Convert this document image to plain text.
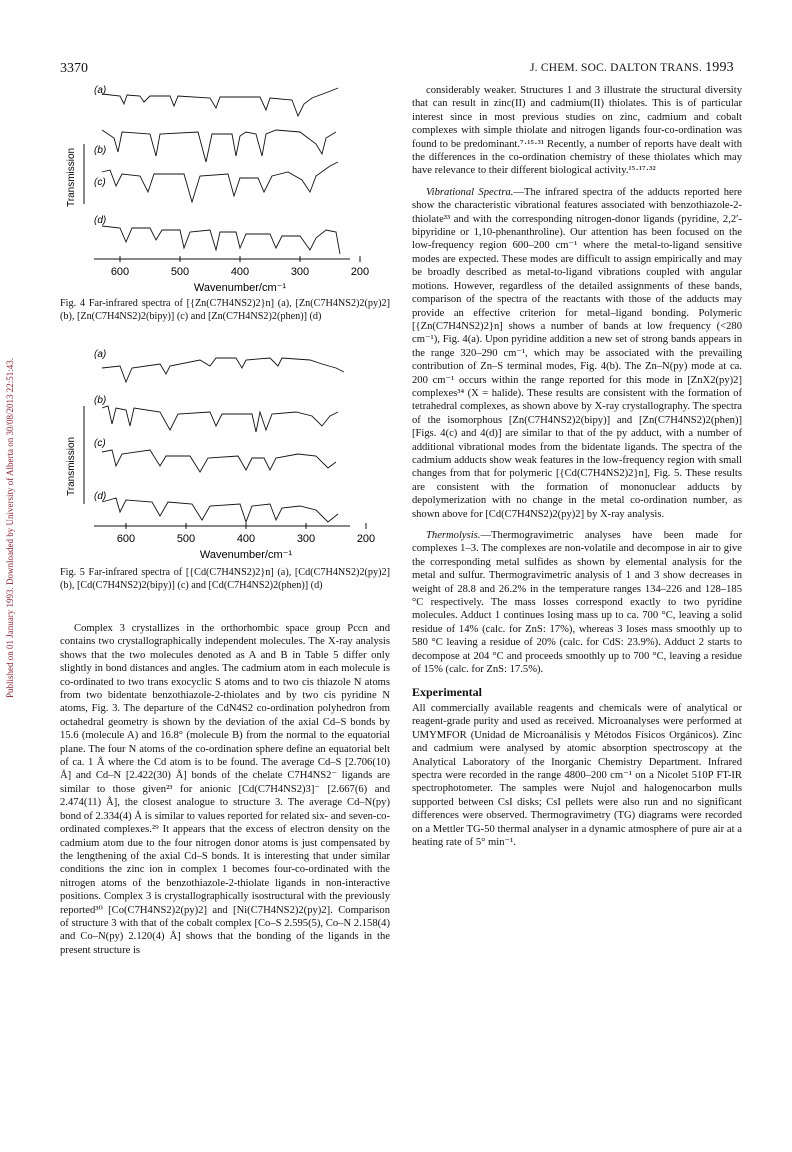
Published on 01 January 1993. Downloaded by University of Alberta on 30/08/2013 22:51:43.
3370	J. CHEM. SOC. DALTON TRANS. 1993
(a)
(b)
(c)
(d)
Transmission
600	500	400	300	200
Wavenumber/cm⁻¹

Fig. 4 Far-infrared spectra of [{Zn(C7H4NS2)2}n] (a), [Zn(C7H4NS2)2(py)2] (b), [Zn(C7H4NS2)2(bipy)] (c) and [Zn(C7H4NS2)2(phen)] (d)

(a)
(b)
(c)
(d)
Transmission
600	500	400	300	200
Wavenumber/cm⁻¹

Fig. 5 Far-infrared spectra of [{Cd(C7H4NS2)2}n] (a), [Cd(C7H4NS2)2(py)2] (b), [Cd(C7H4NS2)2(bipy)] (c) and [Cd(C7H4NS2)2(phen)] (d)

Complex 3 crystallizes in the orthorhombic space group Pccn and contains two crystallographically independent molecules. The X-ray analysis shows that the two molecules denoted as A and B in Table 5 differ only slightly in bond distances and angles. The cadmium atom in each molecule is co-ordinated to two trans exocyclic S atoms and to two cis thiazole N atoms from two bidentate benzothiazole-2-thiolates and by two cis pyridine N atoms, Fig. 3. The departure of the CdN4S2 co-ordination polyhedron from octahedral geometry is shown by the deviation of the axial Cd–S bonds by 15.6 (molecule A) and 16.8° (molecule B) from the normal to the equatorial plane. The four N atoms of the co-ordination sphere define an equatorial belt of ca. 1 Å where the Cd atom is to be found. The average Cd–S [2.706(10) Å] and Cd–N [2.422(30) Å] bonds of the chelate C7H4NS2⁻ ligands are similar to those given²³ for anionic [Cd(C7H4NS2)3]⁻ [2.667(6) and 2.474(11) Å], the closest analogue to structure 3. The average Cd–N(py) bond of 2.334(4) Å is similar to values reported for related six- and seven-co-ordinated complexes.²⁹ It appears that the excess of electron density on the cadmium atom due to the four nitrogen donor atoms is just compensated by the lengthening of the axial Cd–S bonds. It is interesting that under similar conditions the zinc ion in complex 1 becomes four-co-ordinated with the nitrogen atoms of the benzothiazole-2-thiolate ligands in non-interactive positions. Complex 3 is crystallographically isostructural with the previously reported³⁰ [Co(C7H4NS2)2(py)2] and [Ni(C7H4NS2)2(py)2]. Comparison of structure 3 with that of the cobalt complex [Co–S 2.595(5), Co–N 2.158(4) and Co–N(py) 2.120(4) Å] shows that the bonding of the ligands in the present structure is

considerably weaker. Structures 1 and 3 illustrate the structural diversity that can result in zinc(II) and cadmium(II) thiolates. This is of particular interest since in most previous studies on zinc, cadmium and cobalt complexes with simple thiolate and nitrogen ligands four-co-ordination was found to be predominant.⁷·¹⁵·³¹ Recently, a number of reports have dealt with the differences in the co-ordination chemistry of these thiolates which may have relevance to their different biological activity.¹⁵·¹⁷·³²

Vibrational Spectra.—The infrared spectra of the adducts reported here show the characteristic vibrational features associated with benzothiazole-2-thiolate³³ and with the corresponding nitrogen-donor ligands (pyridine, 2,2′-bipyridine or 1,10-phenanthroline). Our attention has been focused on the low-frequency region 600–200 cm⁻¹ where the metal-to-ligand sensitive modes are expected. These modes are difficult to assign empirically and may be broadly described as metal-to-ligand vibrations coupled with angular motions. However, regardless of the detailed assignments of these bands, comparison of the spectra of the reactants with those of the adducts may provide an effective criterion for metal–ligand bonding. Polymeric [{Zn(C7H4NS2)2}n] shows a number of bands at low frequency (<280 cm⁻¹), Fig. 4(a). Upon pyridine addition a new set of strong bands appears in the range 320–290 cm⁻¹, which may be associated with the prevailing contribution of Zn–S terminal modes, Fig. 4(b). The Zn–N(py) mode at ca. 200 cm⁻¹ occurs within the range reported for this mode in [ZnX2(py)2] complexes³⁴ (X = halide). These results are consistent with the formation of tetrahedral complexes, as shown above by X-ray crystallography. The spectra of the isomorphous [Zn(C7H4NS2)2(bipy)] and [Zn(C7H4NS2)2(phen)] [Figs. 4(c) and 4(d)] are similar to that of the py adduct, with a number of additional vibrational modes from the bidentate ligands. The spectra of the cadmium adducts show weak features in the low-frequency region with small changes from that for polymeric [{Cd(C7H4NS2)2}n], Fig. 5. These results are consistent with the formation of mononuclear adducts by depolymerization with no change in the metal co-ordination number, as shown above for [Cd(C7H4NS2)2(py)2] by X-ray analysis.

Thermolysis.—Thermogravimetric analyses have been made for complexes 1–3. The complexes are non-volatile and decompose in air to give the corresponding metal sulfides as shown by elemental analysis for the metal and sulfur. Thermogravimetric analysis of 1 and 3 show decreases in weight of 28.8 and 26.2% in the temperature ranges 134–226 and 128–185 °C respectively. The mass losses correspond exactly to two pyridine molecules. Adduct 1 continues losing mass up to ca. 700 °C, leaving a solid residue of 14% (calc. for ZnS: 17%), whereas 3 loses mass smoothly up to 580 °C leaving a residue of 20% (calc. for CdS: 23.9%). Adduct 2 starts to decompose at 204 °C and proceeds smoothly up to 700 °C, leaving a residue of 15% (calc. for ZnS: 17.5%).

Experimental

All commercially available reagents and chemicals were of analytical or reagent-grade purity and used as received. Microanalyses were performed at UMYMFOR (Unidad de Microanálisis y Métodos Físicos Orgánicos). Zinc and cadmium were analysed by atomic absorption spectroscopy at the Analytical Laboratory of the Inorganic Chemistry Department. Infrared spectra were recorded in the range 4800–200 cm⁻¹ on a Nicolet 510P FT-IR spectrophotometer. The samples were Nujol and halogenocarbon mulls supported between CsI disks; CsI pellets were also run and no significant differences were observed. Thermogravimetry (TG) diagrams were recorded on a Mettler TG-50 thermal analyser in a dynamic atmosphere of pure air at a heating rate of 5° min⁻¹.
